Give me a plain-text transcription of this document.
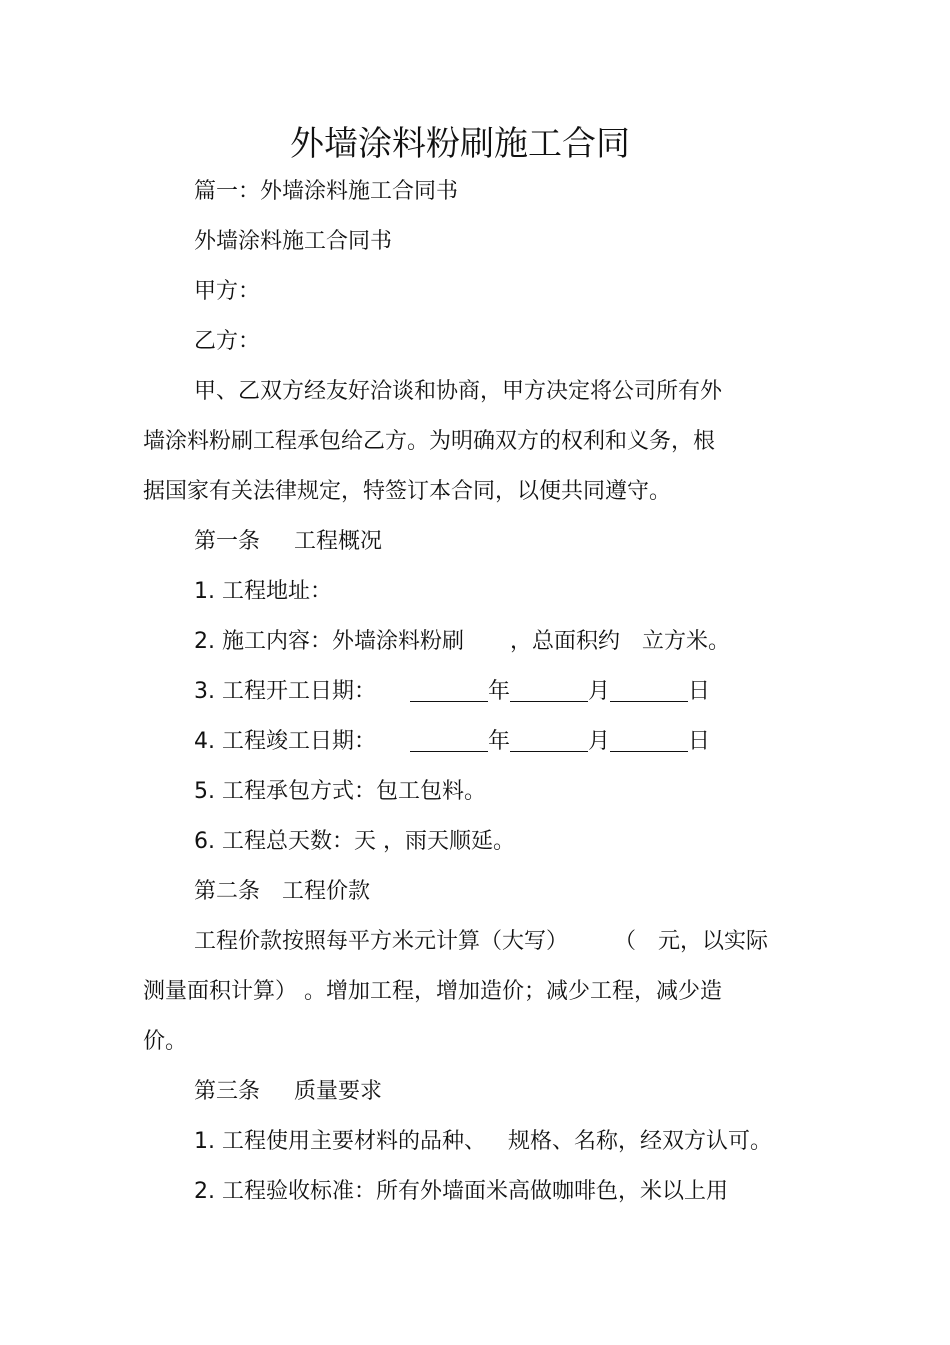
外墙涂料粉刷施工合同
篇一：外墙涂料施工合同书
外墙涂料施工合同书
甲方：
乙方：
甲、乙双方经友好洽谈和协商，甲方决定将公司所有外
墙涂料粉刷工程承包给乙方。为明确双方的权利和义务，根
据国家有关法律规定，特签订本合同，以便共同遵守。
第一条 工程概况
1. 工程地址：
2. 施工内容：外墙涂料粉刷 ，总面积约 立方米。
3. 工程开工日期：	年	月	日
4. 工程竣工日期：	年	月	日
5. 工程承包方式：包工包料。
6. 工程总天数：天 ，雨天顺延。
第二条 工程价款
工程价款按照每平方米元计算（大写） （ 元，以实际
测量面积计算） 。增加工程，增加造价；减少工程，减少造
价。
第三条 质量要求
1. 工程使用主要材料的品种、 规格、名称，经双方认可。
2. 工程验收标准：所有外墙面米高做咖啡色，米以上用
